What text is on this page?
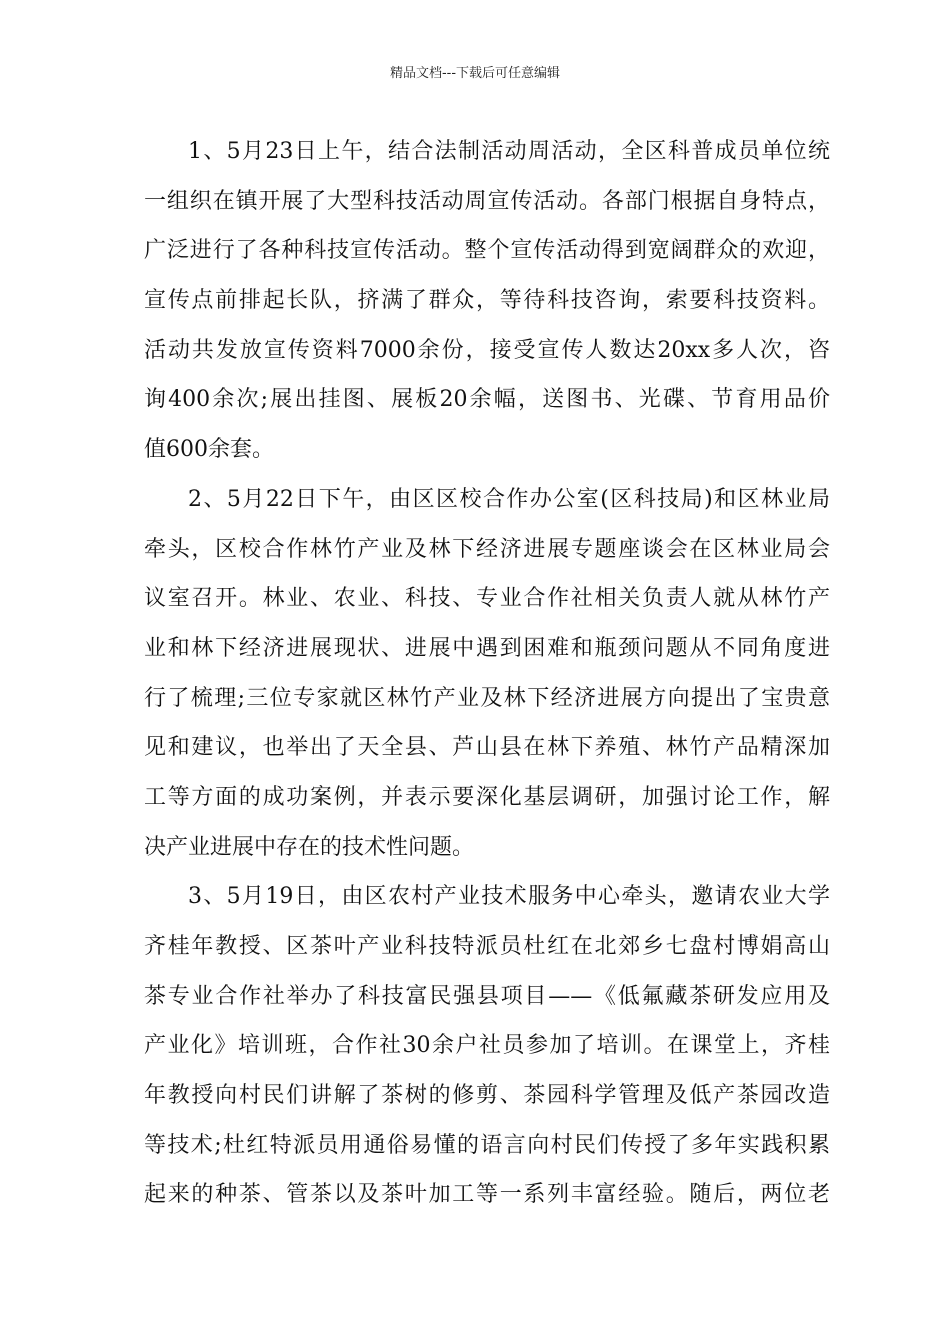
精品文档---下载后可任意编辑
1、5月23日上午，结合法制活动周活动，全区科普成员单位统
一组织在镇开展了大型科技活动周宣传活动。各部门根据自身特点，
广泛进行了各种科技宣传活动。整个宣传活动得到宽阔群众的欢迎，
宣传点前排起长队，挤满了群众，等待科技咨询，索要科技资料。
活动共发放宣传资料7000余份，接受宣传人数达20xx多人次，咨
询400余次;展出挂图、展板20余幅，送图书、光碟、节育用品价
值600余套。
2、5月22日下午，由区区校合作办公室(区科技局)和区林业局
牵头，区校合作林竹产业及林下经济进展专题座谈会在区林业局会
议室召开。林业、农业、科技、专业合作社相关负责人就从林竹产
业和林下经济进展现状、进展中遇到困难和瓶颈问题从不同角度进
行了梳理;三位专家就区林竹产业及林下经济进展方向提出了宝贵意
见和建议，也举出了天全县、芦山县在林下养殖、林竹产品精深加
工等方面的成功案例，并表示要深化基层调研，加强讨论工作，解
决产业进展中存在的技术性问题。
3、5月19日，由区农村产业技术服务中心牵头，邀请农业大学
齐桂年教授、区茶叶产业科技特派员杜红在北郊乡七盘村博娟高山
茶专业合作社举办了科技富民强县项目——《低氟藏茶研发应用及
产业化》培训班，合作社30余户社员参加了培训。在课堂上，齐桂
年教授向村民们讲解了茶树的修剪、茶园科学管理及低产茶园改造
等技术;杜红特派员用通俗易懂的语言向村民们传授了多年实践积累
起来的种茶、管茶以及茶叶加工等一系列丰富经验。随后，两位老
